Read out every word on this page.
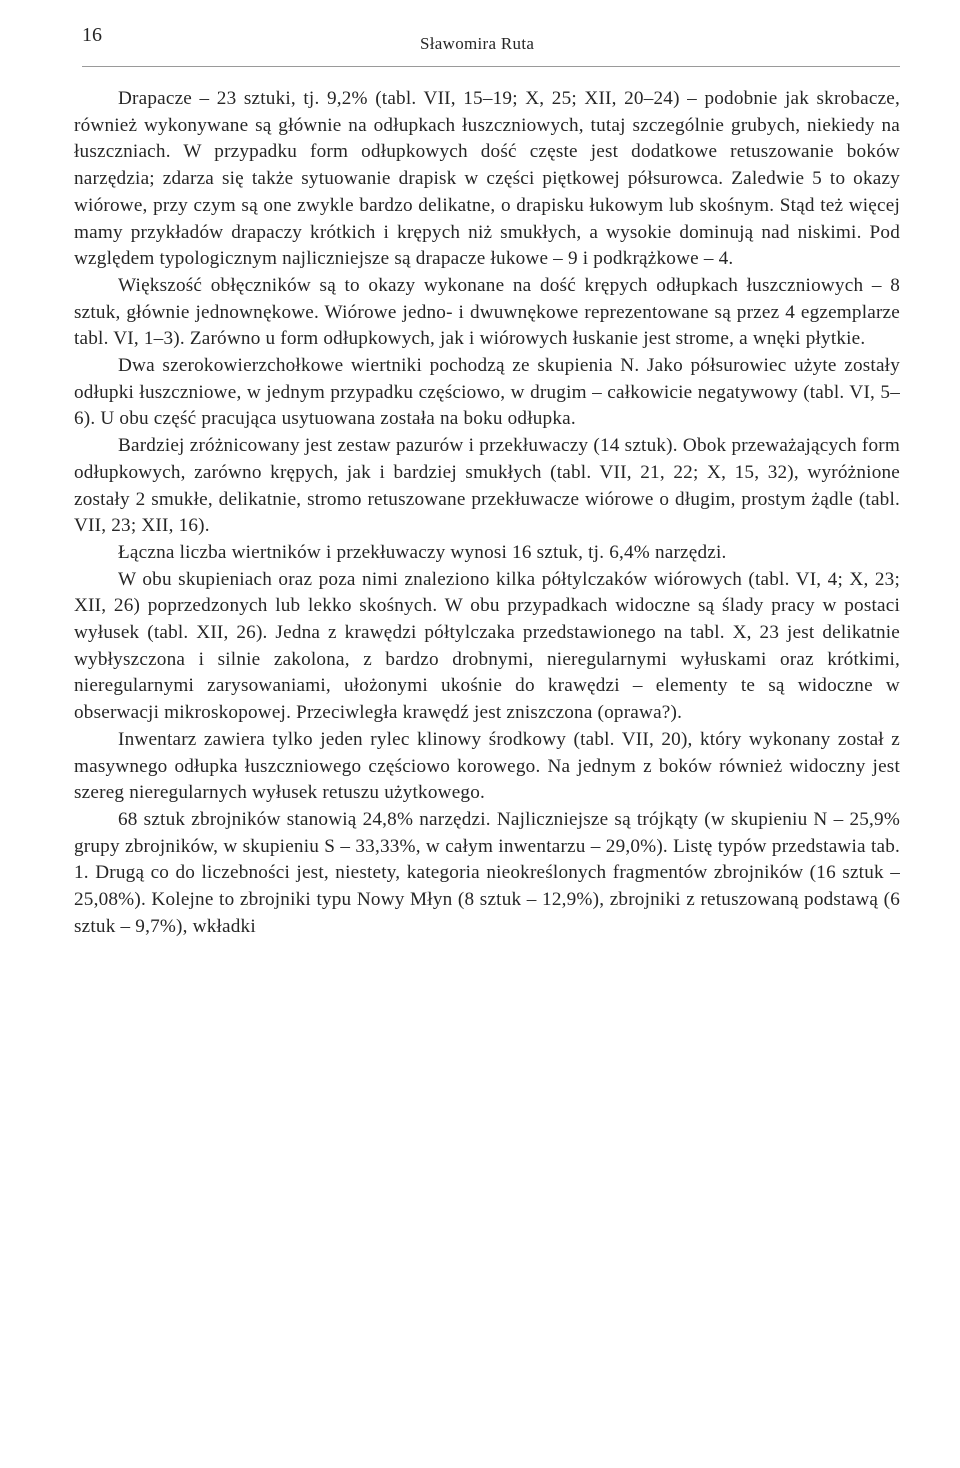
16	Sławomira Ruta

Drapacze – 23 sztuki, tj. 9,2% (tabl. VII, 15–19; X, 25; XII, 20–24) – podobnie jak skrobacze, również wykonywane są głównie na odłupkach łuszczniowych, tutaj szczególnie grubych, niekiedy na łuszczniach. W przypadku form odłupkowych dość częste jest dodatkowe retuszowanie boków narzędzia; zdarza się także sytuowanie drapisk w części piętkowej półsurowca. Zaledwie 5 to okazy wiórowe, przy czym są one zwykle bardzo delikatne, o drapisku łukowym lub skośnym. Stąd też więcej mamy przykładów drapaczy krótkich i krępych niż smukłych, a wysokie dominują nad niskimi. Pod względem typologicznym najliczniejsze są drapacze łukowe – 9 i podkrążkowe – 4.

Większość obłęczników są to okazy wykonane na dość krępych odłupkach łuszczniowych – 8 sztuk, głównie jednownękowe. Wiórowe jedno- i dwuwnękowe reprezentowane są przez 4 egzemplarze tabl. VI, 1–3). Zarówno u form odłupkowych, jak i wiórowych łuskanie jest strome, a wnęki płytkie.

Dwa szerokowierzchołkowe wiertniki pochodzą ze skupienia N. Jako półsurowiec użyte zostały odłupki łuszczniowe, w jednym przypadku częściowo, w drugim – całkowicie negatywowy (tabl. VI, 5–6). U obu część pracująca usytuowana została na boku odłupka.

Bardziej zróżnicowany jest zestaw pazurów i przekłuwaczy (14 sztuk). Obok przeważających form odłupkowych, zarówno krępych, jak i bardziej smukłych (tabl. VII, 21, 22; X, 15, 32), wyróżnione zostały 2 smukłe, delikatnie, stromo retuszowane przekłuwacze wiórowe o długim, prostym żądle (tabl. VII, 23; XII, 16).

Łączna liczba wiertników i przekłuwaczy wynosi 16 sztuk, tj. 6,4% narzędzi.

W obu skupieniach oraz poza nimi znaleziono kilka półtylczaków wiórowych (tabl. VI, 4; X, 23; XII, 26) poprzedzonych lub lekko skośnych. W obu przypadkach widoczne są ślady pracy w postaci wyłusek (tabl. XII, 26). Jedna z krawędzi półtylczaka przedstawionego na tabl. X, 23 jest delikatnie wybłyszczona i silnie zakolona, z bardzo drobnymi, nieregularnymi wyłuskami oraz krótkimi, nieregularnymi zarysowaniami, ułożonymi ukośnie do krawędzi – elementy te są widoczne w obserwacji mikroskopowej. Przeciwległa krawędź jest zniszczona (oprawa?).

Inwentarz zawiera tylko jeden rylec klinowy środkowy (tabl. VII, 20), który wykonany został z masywnego odłupka łuszczniowego częściowo korowego. Na jednym z boków również widoczny jest szereg nieregularnych wyłusek retuszu użytkowego.

68 sztuk zbrojników stanowią 24,8% narzędzi. Najliczniejsze są trójkąty (w skupieniu N – 25,9% grupy zbrojników, w skupieniu S – 33,33%, w całym inwentarzu – 29,0%). Listę typów przedstawia tab. 1. Drugą co do liczebności jest, niestety, kategoria nieokreślonych fragmentów zbrojników (16 sztuk – 25,08%). Kolejne to zbrojniki typu Nowy Młyn (8 sztuk – 12,9%), zbrojniki z retuszowaną podstawą (6 sztuk – 9,7%), wkładki
